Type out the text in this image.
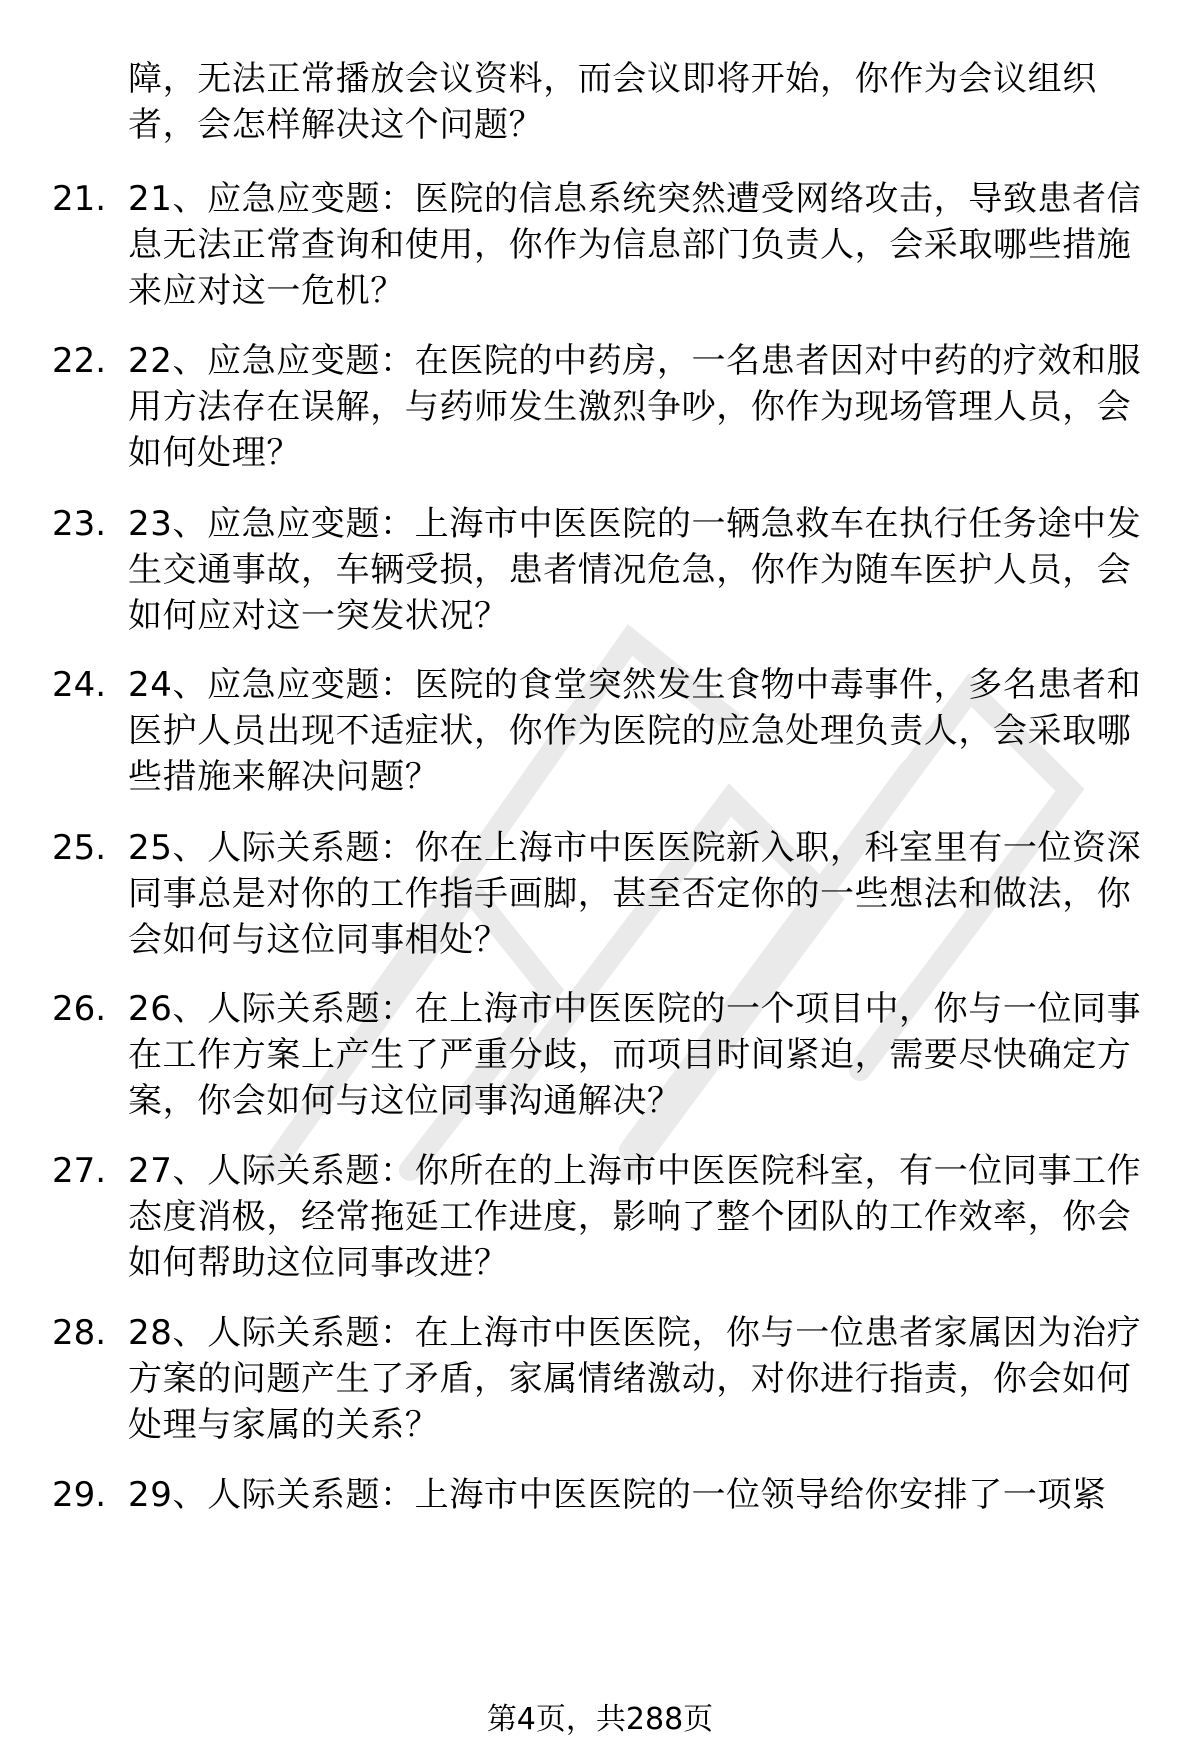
障，无法正常播放会议资料，而会议即将开始，你作为会议组织者，会怎样解决这个问题？
21. 21、应急应变题：医院的信息系统突然遭受网络攻击，导致患者信息无法正常查询和使用，你作为信息部门负责人，会采取哪些措施来应对这一危机？
22. 22、应急应变题：在医院的中药房，一名患者因对中药的疗效和服用方法存在误解，与药师发生激烈争吵，你作为现场管理人员，会如何处理？
23. 23、应急应变题：上海市中医医院的一辆急救车在执行任务途中发生交通事故，车辆受损，患者情况危急，你作为随车医护人员，会如何应对这一突发状况？
24. 24、应急应变题：医院的食堂突然发生食物中毒事件，多名患者和医护人员出现不适症状，你作为医院的应急处理负责人，会采取哪些措施来解决问题？
25. 25、人际关系题：你在上海市中医医院新入职，科室里有一位资深同事总是对你的工作指手画脚，甚至否定你的一些想法和做法，你会如何与这位同事相处？
26. 26、人际关系题：在上海市中医医院的一个项目中，你与一位同事在工作方案上产生了严重分歧，而项目时间紧迫，需要尽快确定方案，你会如何与这位同事沟通解决？
27. 27、人际关系题：你所在的上海市中医医院科室，有一位同事工作态度消极，经常拖延工作进度，影响了整个团队的工作效率，你会如何帮助这位同事改进？
28. 28、人际关系题：在上海市中医医院，你与一位患者家属因为治疗方案的问题产生了矛盾，家属情绪激动，对你进行指责，你会如何处理与家属的关系？
29. 29、人际关系题：上海市中医医院的一位领导给你安排了一项紧
第4页，共288页
